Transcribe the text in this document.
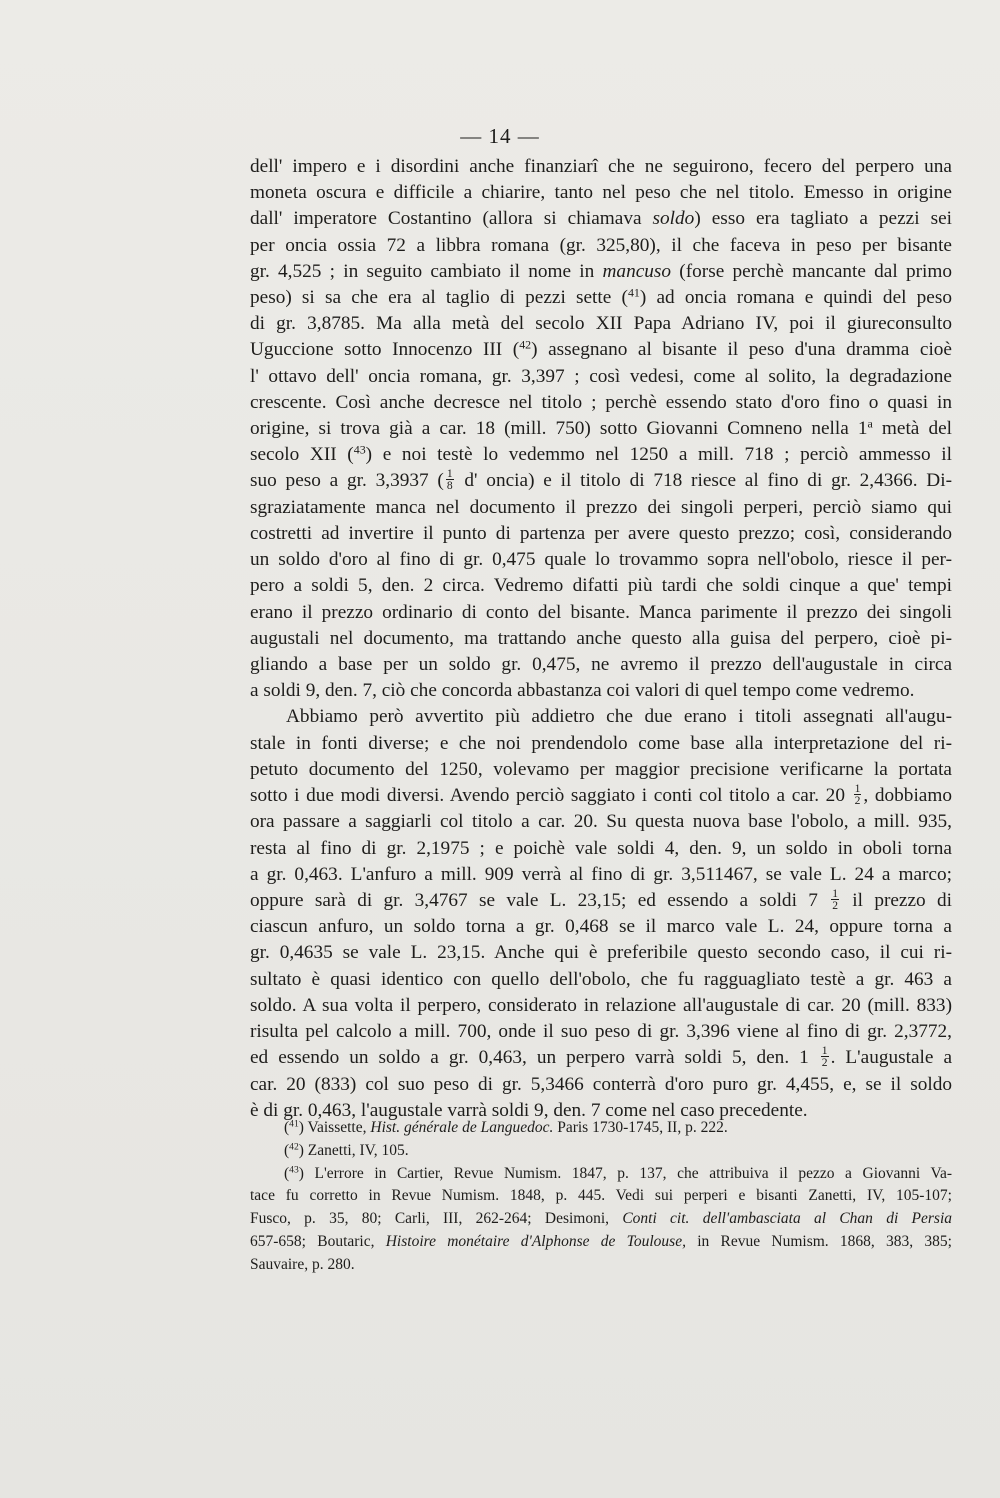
— 14 —
dell' impero e i disordini anche finanziarî che ne seguirono, fecero del perpero una
moneta oscura e difficile a chiarire, tanto nel peso che nel titolo. Emesso in origine
dall' imperatore Costantino (allora si chiamava soldo) esso era tagliato a pezzi sei
per oncia ossia 72 a libbra romana (gr. 325,80), il che faceva in peso per bisante
gr. 4,525 ; in seguito cambiato il nome in mancuso (forse perchè mancante dal primo
peso) si sa che era al taglio di pezzi sette ($^{41}$) ad oncia romana e quindi del peso
di gr. 3,8785. Ma alla metà del secolo XII Papa Adriano IV, poi il giureconsulto
Uguccione sotto Innocenzo III ($^{42}$) assegnano al bisante il peso d'una dramma cioè
l' ottavo dell' oncia romana, gr. 3,397 ; così vedesi, come al solito, la degradazione
crescente. Così anche decresce nel titolo ; perchè essendo stato d'oro fino o quasi in
origine, si trova già a car. 18 (mill. 750) sotto Giovanni Comneno nella 1$^a$ metà del
secolo XII ($^{43}$) e noi testè lo vedemmo nel 1250 a mill. 718 ; perciò ammesso il
suo peso a gr. 3,3937 ( $\frac{1}{8} d'$ oncia) e il titolo di 718 riesce al fino di gr. 2,4366. Di-
sgraziatamente manca nel documento il prezzo dei singoli perperi, perciò siamo qui
costretti ad invertire il punto di partenza per avere questo prezzo; così, considerando
un soldo d'oro al fino di gr. 0,475 quale lo trovammo sopra nell'obolo, riesce il per-
pero a soldi 5, den. 2 circa. Vedremo difatti più tardi che soldi cinque a que' tempi
erano il prezzo ordinario di conto del bisante. Manca parimente il prezzo dei singoli
augustali nel documento, ma trattando anche questo alla guisa del perpero, cioè pi-
gliando a base per un soldo gr. 0,475, ne avremo il prezzo dell'augustale in circa
a soldi 9, den. 7, ciò che concorda abbastanza coi valori di quel tempo come vedremo.
Abbiamo però avvertito più addietro che due erano i titoli assegnati all'augu-
stale in fonti diverse; e che noi prendendolo come base alla interpretazione del ri-
petuto documento del 1250, volevamo per maggior precisione verificarne la portata
sotto i due modi diversi. Avendo perciò saggiato i conti col titolo a car. $20 \frac{1}{2}$ , dobbiamo
ora passare a saggiarli col titolo a car. 20. Su questa nuova base l'obolo, a mill. 935,
resta al fino di gr. 2,1975 ; e poichè vale soldi 4, den. 9, un soldo in oboli torna
a gr. 0,463. L'anfuro a mill. 909 verrà al fino di gr. 3,511467, se vale L. 24 a marco;
oppure sarà di gr. 3,4767 se vale L. 23,15; ed essendo a soldi $7 \frac{1}{2}$ il prezzo di
ciascun anfuro, un soldo torna a gr. 0,468 se il marco vale L. 24, oppure torna a
gr. 0,4635 se vale L. 23,15. Anche qui è preferibile questo secondo caso, il cui ri-
sultato è quasi identico con quello dell'obolo, che fu ragguagliato testè a gr. 463 a
soldo. A sua volta il perpero, considerato in relazione all'augustale di car. 20 (mill. 833)
risulta pel calcolo a mill. 700, onde il suo peso di gr. 3,396 viene al fino di gr. 2,3772,
ed essendo un soldo a gr. 0,463, un perpero varrà soldi 5, den. $1 \frac{1}{2}$ . L'augustale a
car. 20 (833) col suo peso di gr. 5,3466 conterrà d'oro puro gr. 4,455, e, se il soldo
è di gr. 0,463, l'augustale varrà soldi 9, den. 7 come nel caso precedente.
($^{41}$) Vaissette, Hist. générale de Languedoc. Paris 1730-1745, II, p. 222.
($^{42}$) Zanetti, IV, 105.
($^{43}$) L'errore in Cartier, Revue Numism. 1847, p. 137, che attribuiva il pezzo a Giovanni Va-
tace fu corretto in Revue Numism. 1848, p. 445. Vedi sui perperi e bisanti Zanetti, IV, 105-107;
Fusco, p. 35, 80; Carli, III, 262-264; Desimoni, Conti cit. dell'ambasciata al Chan di Persia
657-658; Boutaric, Histoire monétaire d'Alphonse de Toulouse, in Revue Numism. 1868, 383, 385;
Sauvaire, p. 280.
